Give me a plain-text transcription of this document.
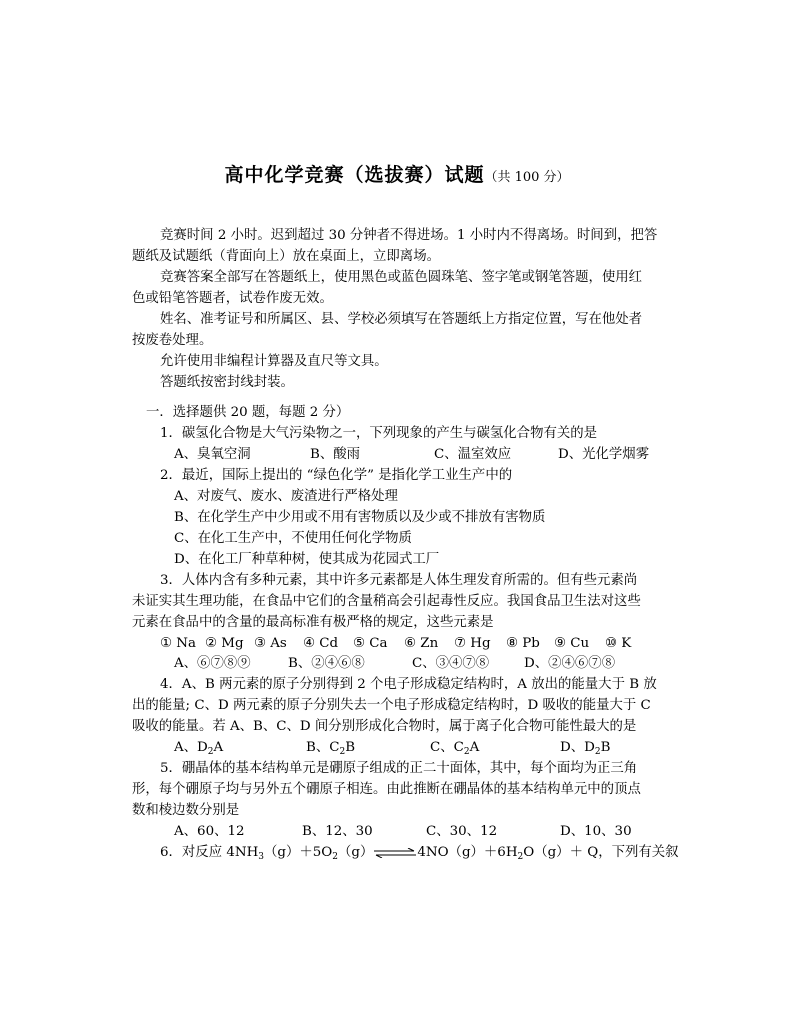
高中化学竞赛（选拔赛）试题（共 100 分）
竞赛时间 2 小时。迟到超过 30 分钟者不得进场。1 小时内不得离场。时间到，把答
题纸及试题纸（背面向上）放在桌面上，立即离场。
竞赛答案全部写在答题纸上，使用黑色或蓝色圆珠笔、签字笔或钢笔答题，使用红
色或铅笔答题者，试卷作废无效。
姓名、准考证号和所属区、县、学校必须填写在答题纸上方指定位置，写在他处者
按废卷处理。
允许使用非编程计算器及直尺等文具。
答题纸按密封线封装。
一．选择题供 20 题，每题 2 分）
1．碳氢化合物是大气污染物之一，下列现象的产生与碳氢化合物有关的是
A、臭氧空洞	B、酸雨	C、温室效应	D、光化学烟雾
2．最近，国际上提出的 “绿色化学” 是指化学工业生产中的
A、对废气、废水、废渣进行严格处理
B、在化学生产中少用或不用有害物质以及少或不排放有害物质
C、在化工生产中，不使用任何化学物质
D、在化工厂种草种树，使其成为花园式工厂
3．人体内含有多种元素，其中许多元素都是人体生理发育所需的。但有些元素尚
未证实其生理功能，在食品中它们的含量稍高会引起毒性反应。我国食品卫生法对这些
元素在食品中的含量的最高标准有极严格的规定，这些元素是
① Na ② Mg ③ As ④ Cd ⑤ Ca ⑥ Zn ⑦ Hg ⑧ Pb ⑨ Cu ⑩ K
A、⑥⑦⑧⑨	B、②④⑥⑧	C、③④⑦⑧	D、②④⑥⑦⑧
4．A、B 两元素的原子分别得到 2 个电子形成稳定结构时，A 放出的能量大于 B 放
出的能量; C、D 两元素的原子分别失去一个电子形成稳定结构时，D 吸收的能量大于 C
吸收的能量。若 A、B、C、D 间分别形成化合物时，属于离子化合物可能性最大的是
A、D2A	B、C2B	C、C2A	D、D2B
5．硼晶体的基本结构单元是硼原子组成的正二十面体，其中，每个面均为正三角
形，每个硼原子均与另外五个硼原子相连。由此推断在硼晶体的基本结构单元中的顶点
数和棱边数分别是
A、60、12	B、12、30	C、30、12	D、10、30
6．对反应 $4NH_3(g)+5O_2(g)\rightleftharpoons 4NO(g)+6H_2O(g)+ Q$，下列有关叙
